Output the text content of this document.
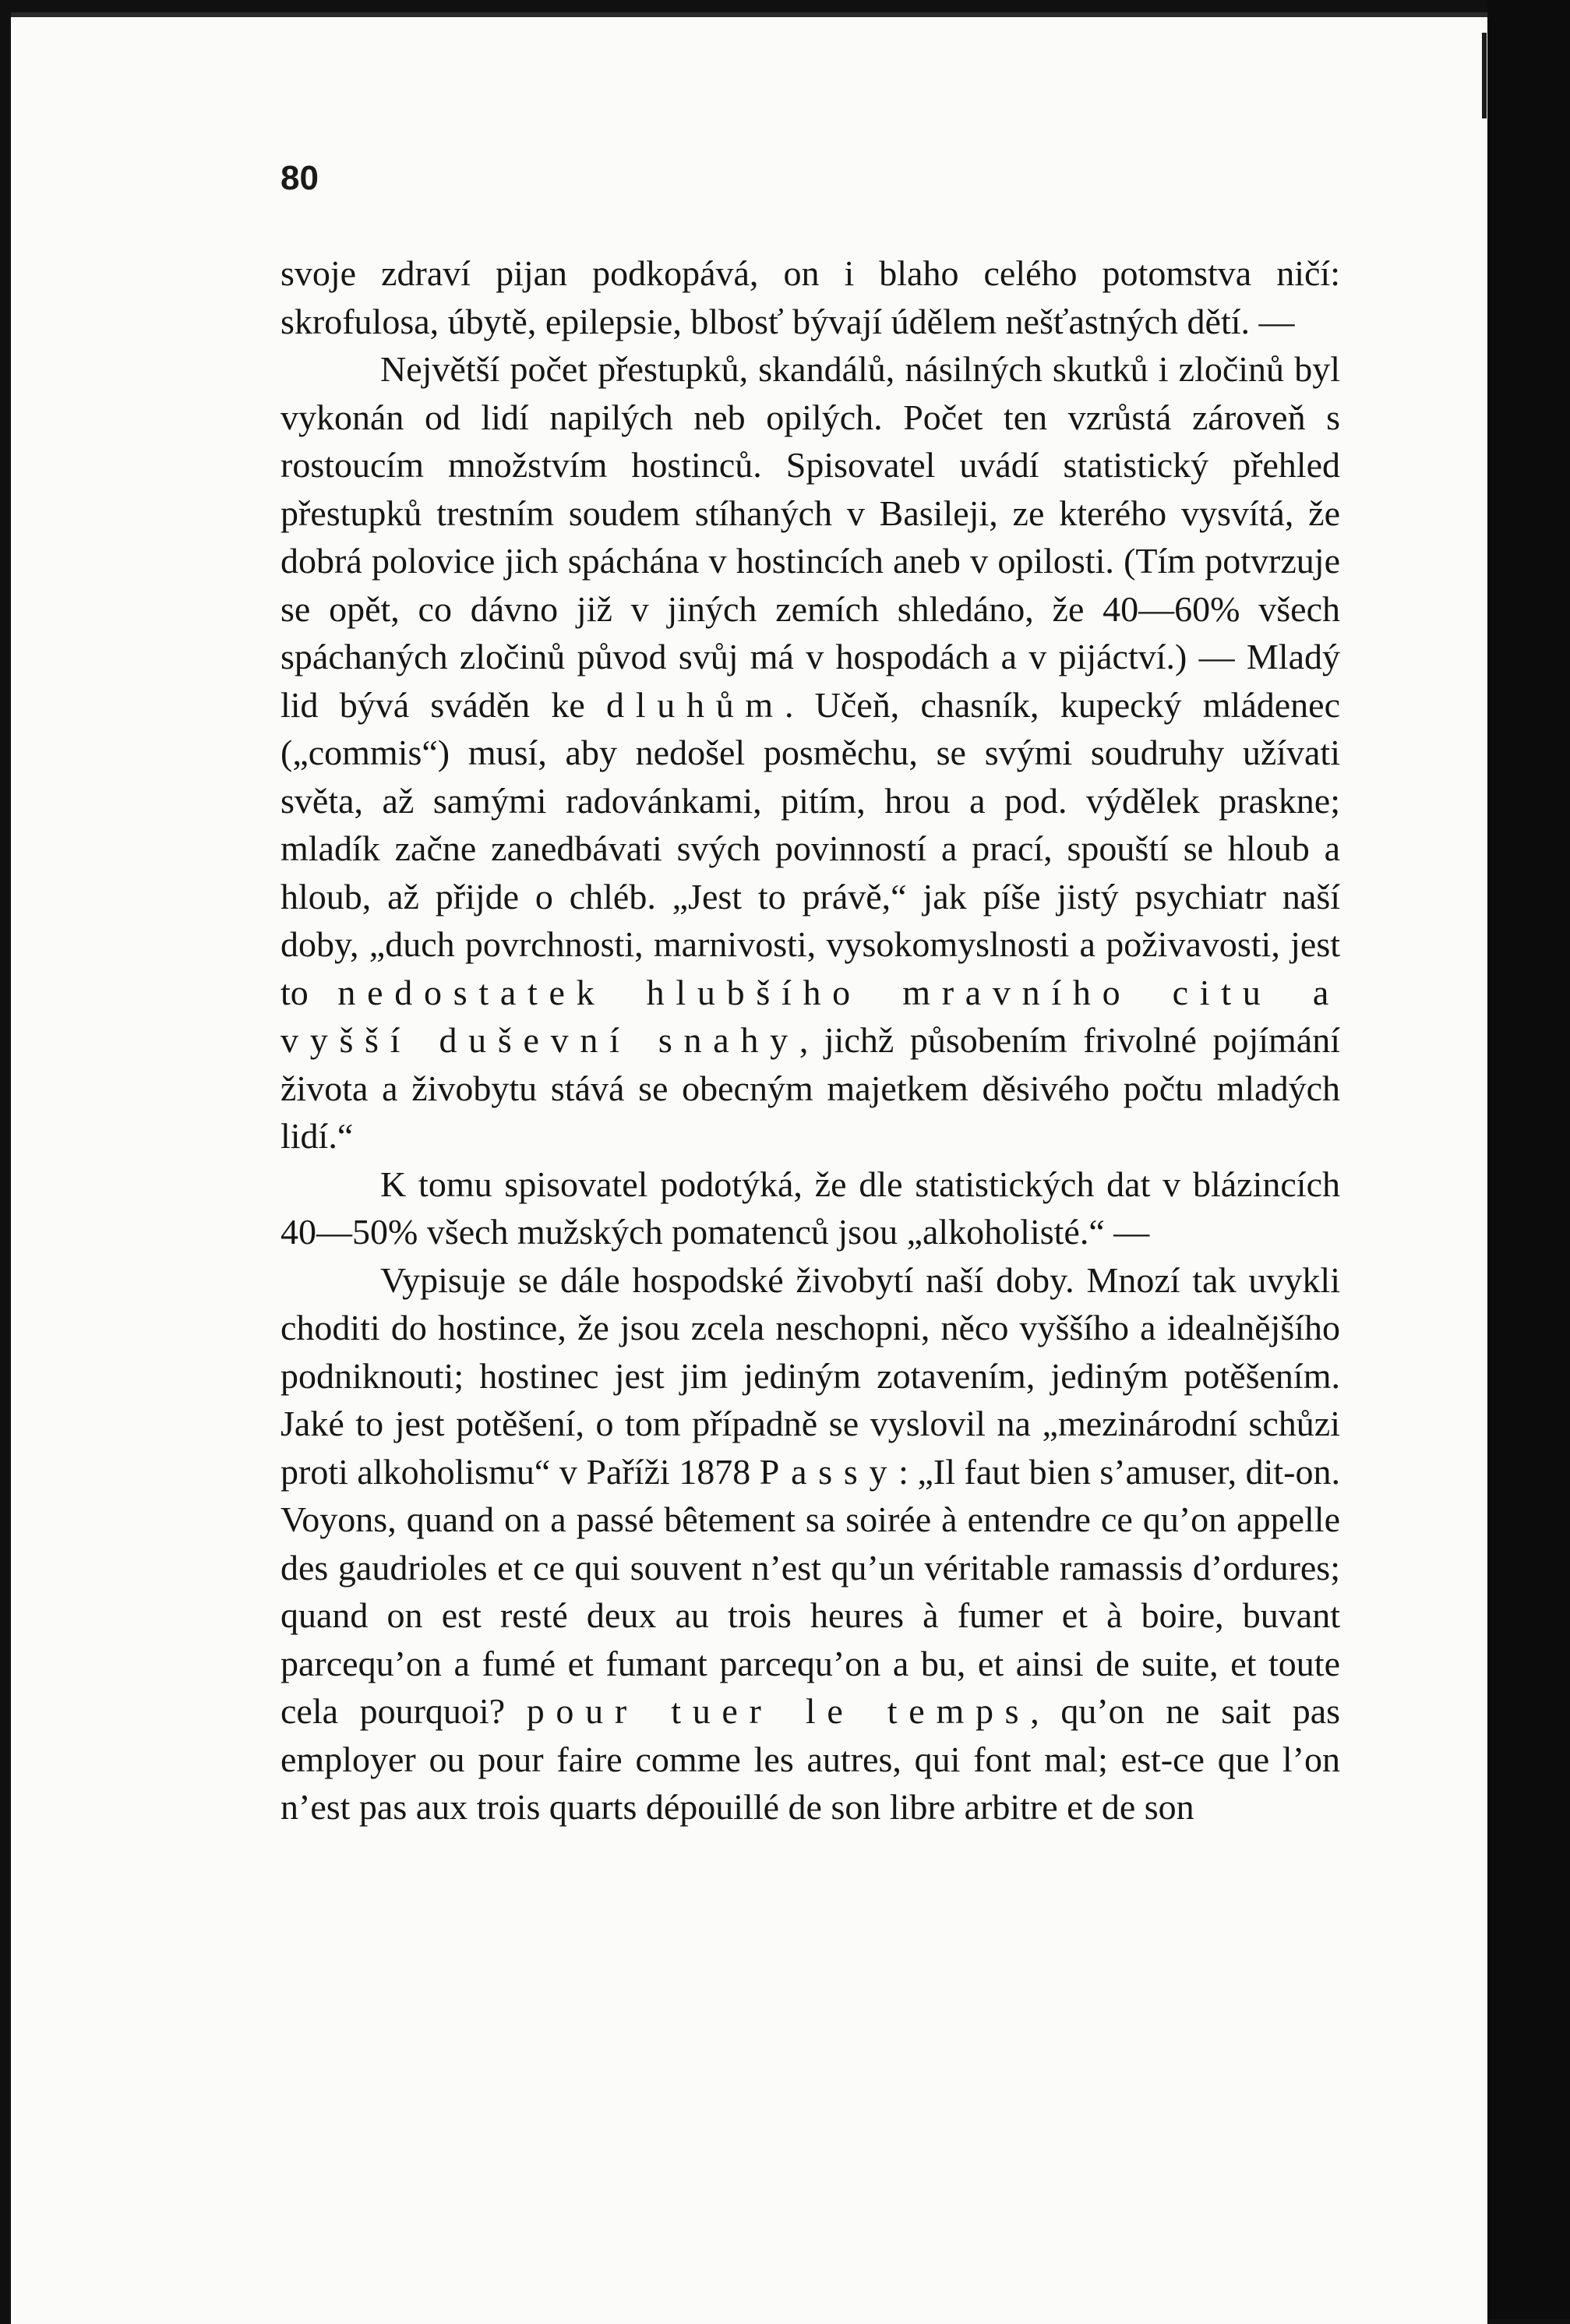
80

svoje zdraví pijan podkopává, on i blaho celého potomstva ničí: skrofulosa, úbytě, epilepsie, blbosť bývají údělem nešťastných dětí. —

Největší počet přestupků, skandálů, násilných skutků i zločinů byl vykonán od lidí napilých neb opilých. Počet ten vzrůstá zároveň s rostoucím množstvím hostinců. Spisovatel uvádí statistický přehled přestupků trestním soudem stíhaných v Basileji, ze kterého vysvítá, že dobrá polovice jich spáchána v hostincích aneb v opilosti. (Tím potvrzuje se opět, co dávno již v jiných zemích shledáno, že 40—60% všech spáchaných zločinů původ svůj má v hospodách a v pijáctví.) — Mladý lid bývá sváděn ke dluhům. Učeň, chasník, kupecký mládenec („commis“) musí, aby nedošel posměchu, se svými soudruhy užívati světa, až samými radovánkami, pitím, hrou a pod. výdělek praskne; mladík začne zanedbávati svých povinností a prací, spouští se hloub a hloub, až přijde o chléb. „Jest to právě,“ jak píše jistý psychiatr naší doby, „duch povrchnosti, marnivosti, vysokomyslnosti a poživavosti, jest to nedostatek hlubšího mravního citu a vyšší duševní snahy, jichž působením frivolné pojímání života a živobytu stává se obecným majetkem děsivého počtu mladých lidí.“

K tomu spisovatel podotýká, že dle statistických dat v blázincích 40—50% všech mužských pomatenců jsou „alkoholisté.“ —

Vypisuje se dále hospodské živobytí naší doby. Mnozí tak uvykli choditi do hostince, že jsou zcela neschopni, něco vyššího a idealnějšího podniknouti; hostinec jest jim jediným zotavením, jediným potěšením. Jaké to jest potěšení, o tom případně se vyslovil na „mezinárodní schůzi proti alkoholismu“ v Paříži 1878 Passy: „Il faut bien s’amuser, dit-on. Voyons, quand on a passé bêtement sa soirée à entendre ce qu’on appelle des gaudrioles et ce qui souvent n’est qu’un véritable ramassis d’ordures; quand on est resté deux au trois heures à fumer et à boire, buvant parcequ’on a fumé et fumant parcequ’on a bu, et ainsi de suite, et toute cela pourquoi? pour tuer le temps, qu’on ne sait pas employer ou pour faire comme les autres, qui font mal; est-ce que l’on n’est pas aux trois quarts dépouillé de son libre arbitre et de son
